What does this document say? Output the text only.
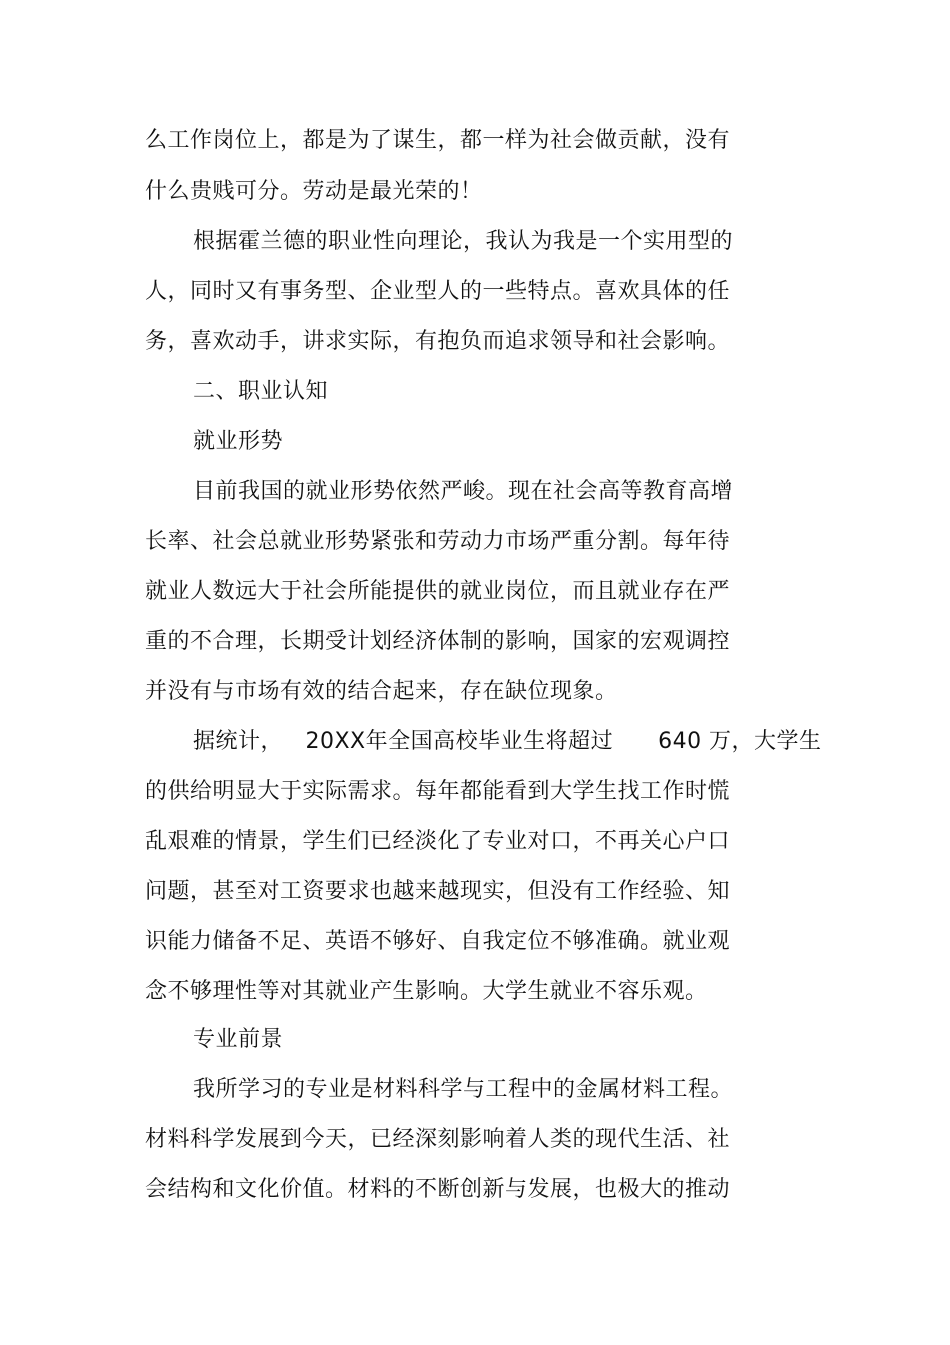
么工作岗位上，都是为了谋生，都一样为社会做贡献，没有
什么贵贱可分。劳动是最光荣的！
根据霍兰德的职业性向理论，我认为我是一个实用型的
人，同时又有事务型、企业型人的一些特点。喜欢具体的任
务，喜欢动手，讲求实际，有抱负而追求领导和社会影响。
二、职业认知
就业形势
目前我国的就业形势依然严峻。现在社会高等教育高增
长率、社会总就业形势紧张和劳动力市场严重分割。每年待
就业人数远大于社会所能提供的就业岗位，而且就业存在严
重的不合理，长期受计划经济体制的影响，国家的宏观调控
并没有与市场有效的结合起来，存在缺位现象。
据统计，   20XX年全国高校毕业生将超过      640 万，大学生
的供给明显大于实际需求。每年都能看到大学生找工作时慌
乱艰难的情景，学生们已经淡化了专业对口，不再关心户口
问题，甚至对工资要求也越来越现实，但没有工作经验、知
识能力储备不足、英语不够好、自我定位不够准确。就业观
念不够理性等对其就业产生影响。大学生就业不容乐观。
专业前景
我所学习的专业是材料科学与工程中的金属材料工程。
材料科学发展到今天，已经深刻影响着人类的现代生活、社
会结构和文化价值。材料的不断创新与发展，也极大的推动
